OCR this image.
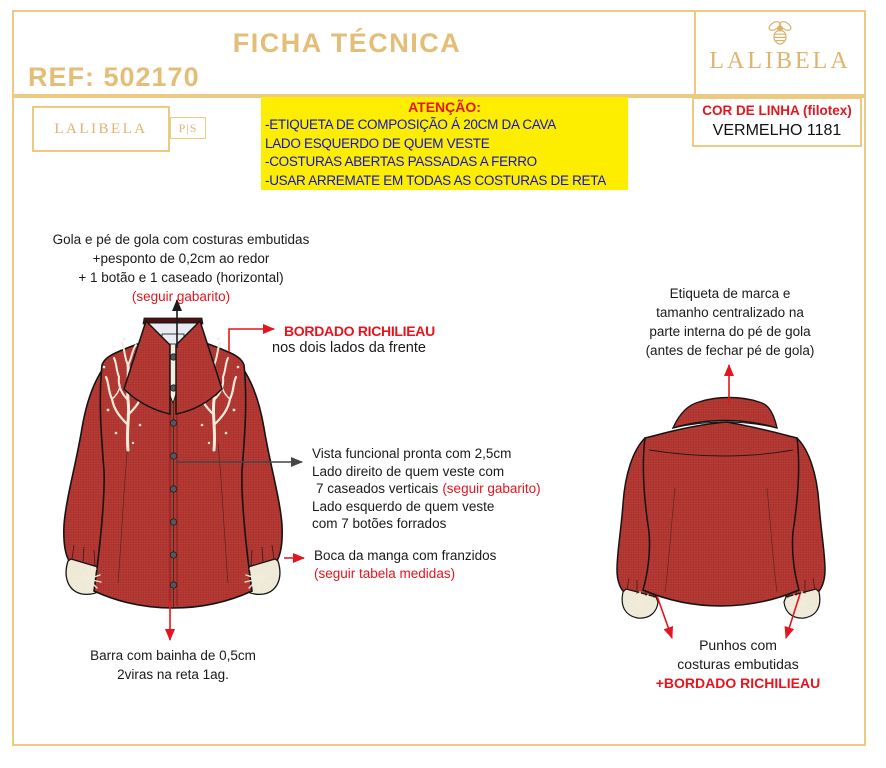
REF: 502170
FICHA TÉCNICA
LALIBELA
LALIBELA	P|S
ATENÇÃO:
-ETIQUETA DE COMPOSIÇÃO Á 20CM DA CAVA
LADO ESQUERDO DE QUEM VESTE
-COSTURAS ABERTAS PASSADAS A FERRO
-USAR ARREMATE EM TODAS AS COSTURAS DE RETA
COR DE LINHA (filotex)
VERMELHO 1181
Gola e pé de gola com costuras embutidas
+pesponto de 0,2cm ao redor
+ 1 botão e 1 caseado (horizontal)
(seguir gabarito)
BORDADO RICHILIEAU
nos dois lados da frente
Vista funcional pronta com 2,5cm
Lado direito de quem veste com
7 caseados verticais (seguir gabarito)
Lado esquerdo de quem veste
com 7 botões forrados
Boca da manga com franzidos
(seguir tabela medidas)
Barra com bainha de 0,5cm
2viras na reta 1ag.
Etiqueta de marca e
tamanho centralizado na
parte interna do pé de gola
(antes de fechar pé de gola)
Punhos com
costuras embutidas
+BORDADO RICHILIEAU
